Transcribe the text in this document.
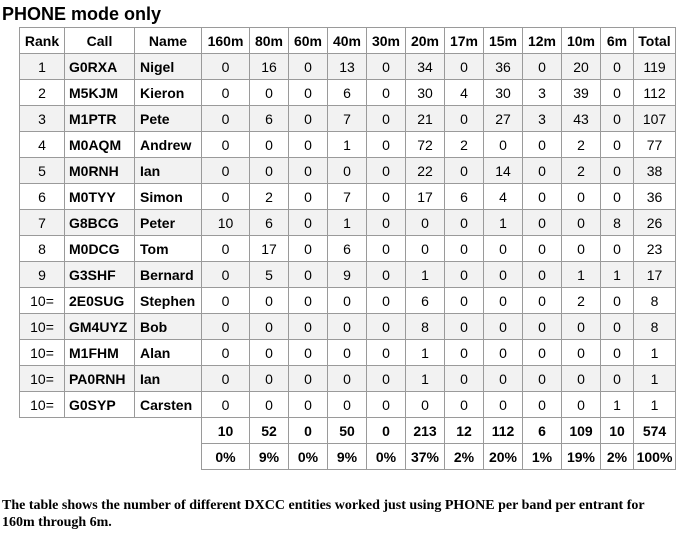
PHONE mode only
Rank	Call	Name	160m	80m	60m	40m	30m	20m	17m	15m	12m	10m	6m	Total
1	G0RXA	Nigel	0	16	0	13	0	34	0	36	0	20	0	119
2	M5KJM	Kieron	0	0	0	6	0	30	4	30	3	39	0	112
3	M1PTR	Pete	0	6	0	7	0	21	0	27	3	43	0	107
4	M0AQM	Andrew	0	0	0	1	0	72	2	0	0	2	0	77
5	M0RNH	Ian	0	0	0	0	0	22	0	14	0	2	0	38
6	M0TYY	Simon	0	2	0	7	0	17	6	4	0	0	0	36
7	G8BCG	Peter	10	6	0	1	0	0	0	1	0	0	8	26
8	M0DCG	Tom	0	17	0	6	0	0	0	0	0	0	0	23
9	G3SHF	Bernard	0	5	0	9	0	1	0	0	0	1	1	17
10=	2E0SUG	Stephen	0	0	0	0	0	6	0	0	0	2	0	8
10=	GM4UYZ	Bob	0	0	0	0	0	8	0	0	0	0	0	8
10=	M1FHM	Alan	0	0	0	0	0	1	0	0	0	0	0	1
10=	PA0RNH	Ian	0	0	0	0	0	1	0	0	0	0	0	1
10=	G0SYP	Carsten	0	0	0	0	0	0	0	0	0	0	1	1
			10	52	0	50	0	213	12	112	6	109	10	574
			0%	9%	0%	9%	0%	37%	2%	20%	1%	19%	2%	100%
The table shows the number of different DXCC entities worked just using PHONE per band per entrant for 160m through 6m.
